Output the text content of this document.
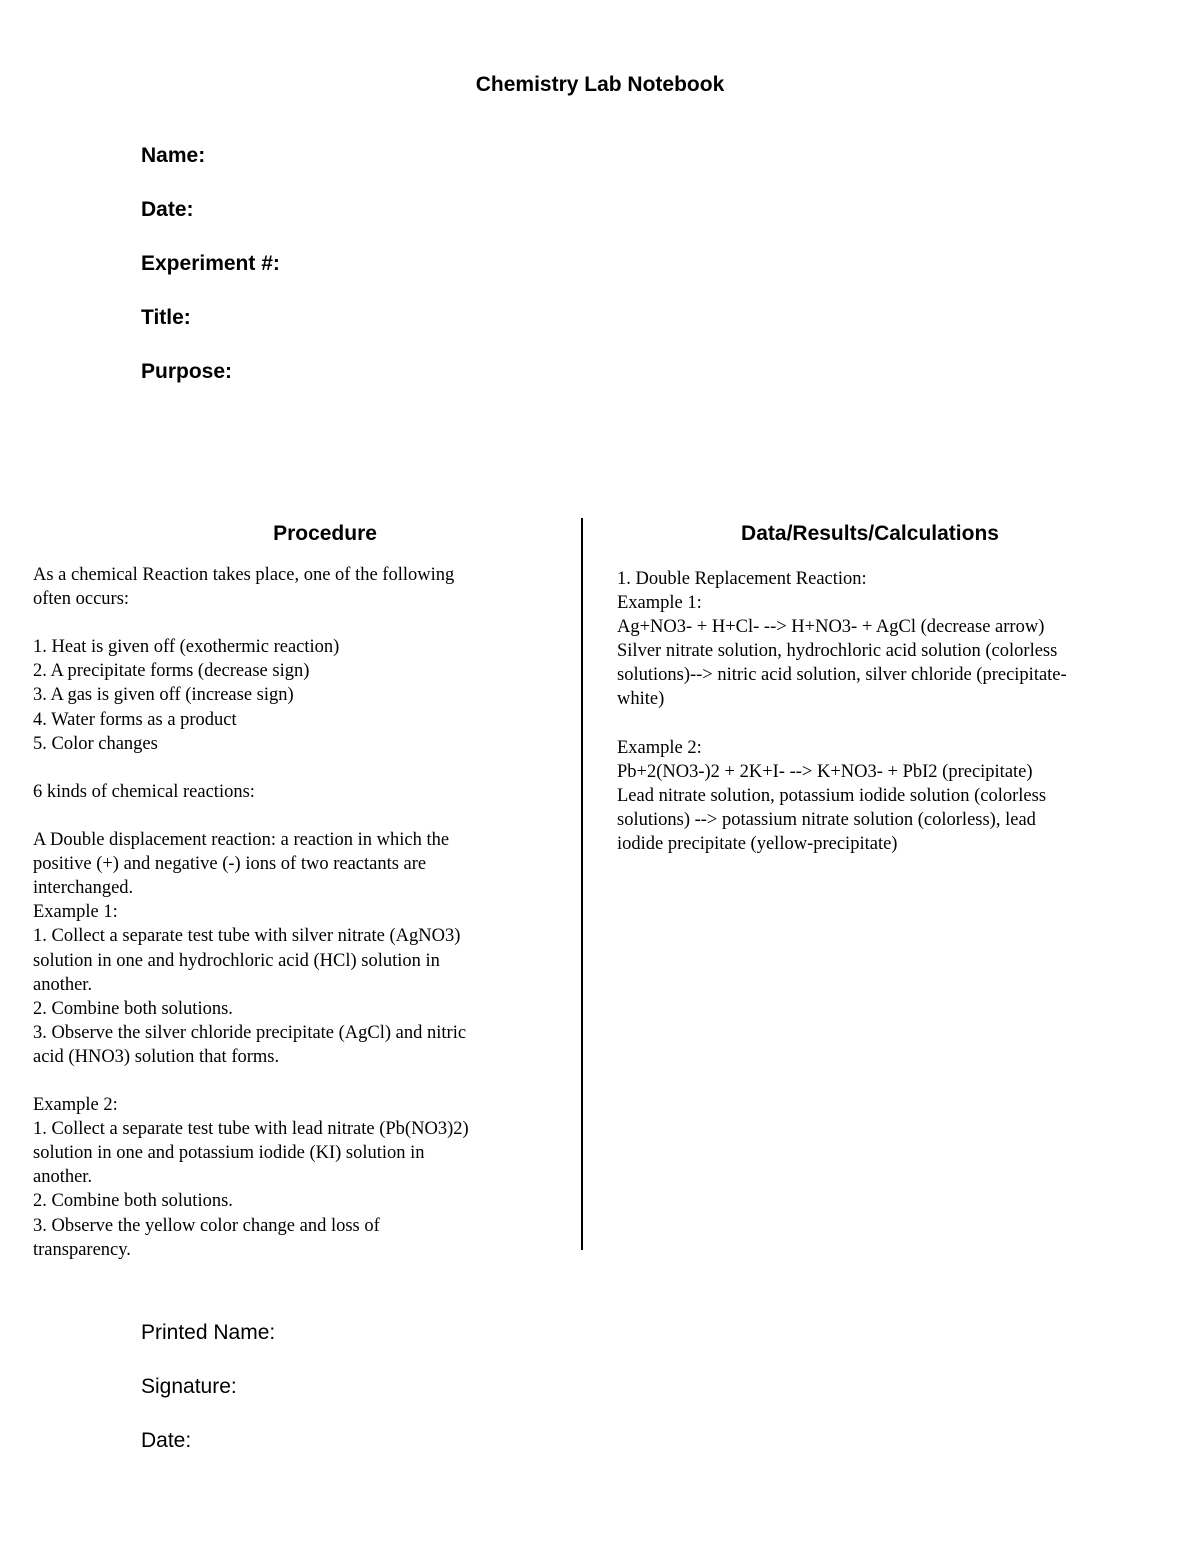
Chemistry Lab Notebook
Name:
Date:
Experiment #:
Title:
Purpose:
Procedure	Data/Results/Calculations

As a chemical Reaction takes place, one of the following

often occurs:

1. Heat is given off (exothermic reaction)

2. A precipitate forms (decrease sign)

3. A gas is given off (increase sign)

4. Water forms as a product

5. Color changes

6 kinds of chemical reactions:

A Double displacement reaction: a reaction in which the

positive (+) and negative (-) ions of two reactants are

interchanged.

Example 1:

1. Collect a separate test tube with silver nitrate (AgNO3)

solution in one and hydrochloric acid (HCl) solution in

another.

2. Combine both solutions.

3. Observe the silver chloride precipitate (AgCl) and nitric

acid (HNO3) solution that forms.

Example 2:

1. Collect a separate test tube with lead nitrate (Pb(NO3)2)

solution in one and potassium iodide (KI) solution in

another.

2. Combine both solutions.

3. Observe the yellow color change and loss of

transparency.

1. Double Replacement Reaction:

Example 1:

Ag+NO3- + H+Cl- --> H+NO3- + AgCl (decrease arrow)

Silver nitrate solution, hydrochloric acid solution (colorless

solutions)--> nitric acid solution, silver chloride (precipitate-

white)

Example 2:

Pb+2(NO3-)2 + 2K+I- --> K+NO3- + PbI2 (precipitate)

Lead nitrate solution, potassium iodide solution (colorless

solutions) --> potassium nitrate solution (colorless), lead

iodide precipitate (yellow-precipitate)

Printed Name:
Signature:
Date:
